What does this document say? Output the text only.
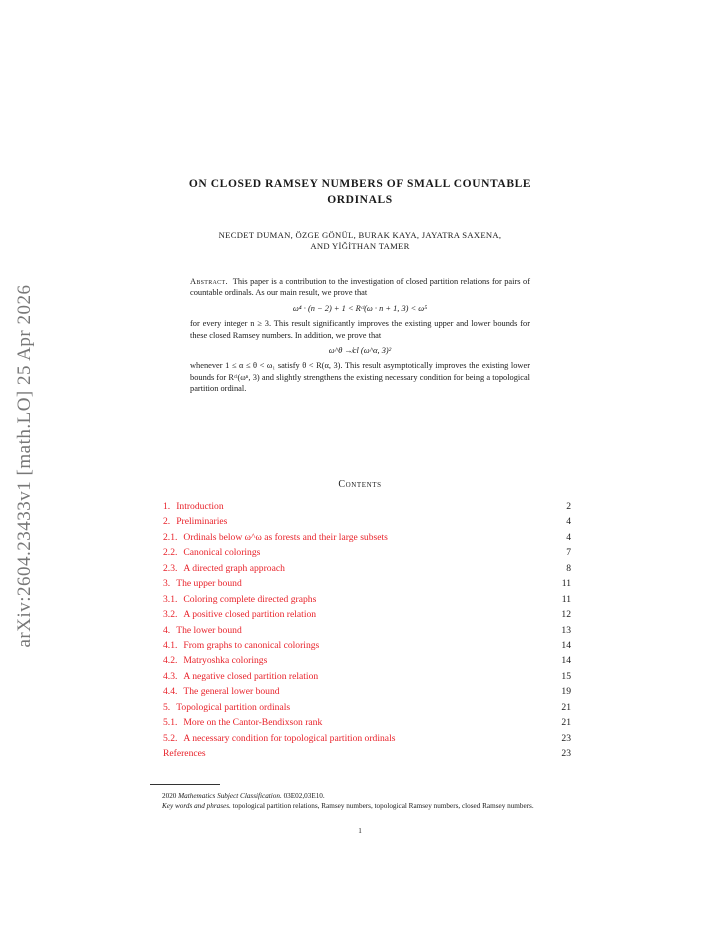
arXiv:2604.23433v1 [math.LO] 25 Apr 2026
ON CLOSED RAMSEY NUMBERS OF SMALL COUNTABLE
ORDINALS
NECDET DUMAN, ÖZGE GÖNÜL, BURAK KAYA, JAYATRA SAXENA,
AND YİĞİTHAN TAMER

Abstract. This paper is a contribution to the investigation of closed partition relations for pairs of countable ordinals. As our main result, we prove that

ω⁴ · (n − 2) + 1 < Rᶜˡ(ω · n + 1, 3) < ω⁵

for every integer n ≥ 3. This result significantly improves the existing upper and lower bounds for these closed Ramsey numbers. In addition, we prove that

ω^θ ↛cl (ω^α, 3)²

whenever 1 ≤ α ≤ θ < ω₁ satisfy θ < R(α, 3). This result asymptotically improves the existing lower bounds for Rᶜˡ(ωⁿ, 3) and slightly strengthens the existing necessary condition for being a topological partition ordinal.

Contents
1. Introduction	2
2. Preliminaries	4
2.1. Ordinals below ω^ω as forests and their large subsets	4
2.2. Canonical colorings	7
2.3. A directed graph approach	8
3. The upper bound	11
3.1. Coloring complete directed graphs	11
3.2. A positive closed partition relation	12
4. The lower bound	13
4.1. From graphs to canonical colorings	14
4.2. Matryoshka colorings	14
4.3. A negative closed partition relation	15
4.4. The general lower bound	19
5. Topological partition ordinals	21
5.1. More on the Cantor-Bendixson rank	21
5.2. A necessary condition for topological partition ordinals	23
References	23

2020 Mathematics Subject Classification. 03E02,03E10.

Key words and phrases. topological partition relations, Ramsey numbers, topological Ramsey numbers, closed Ramsey numbers.

1
